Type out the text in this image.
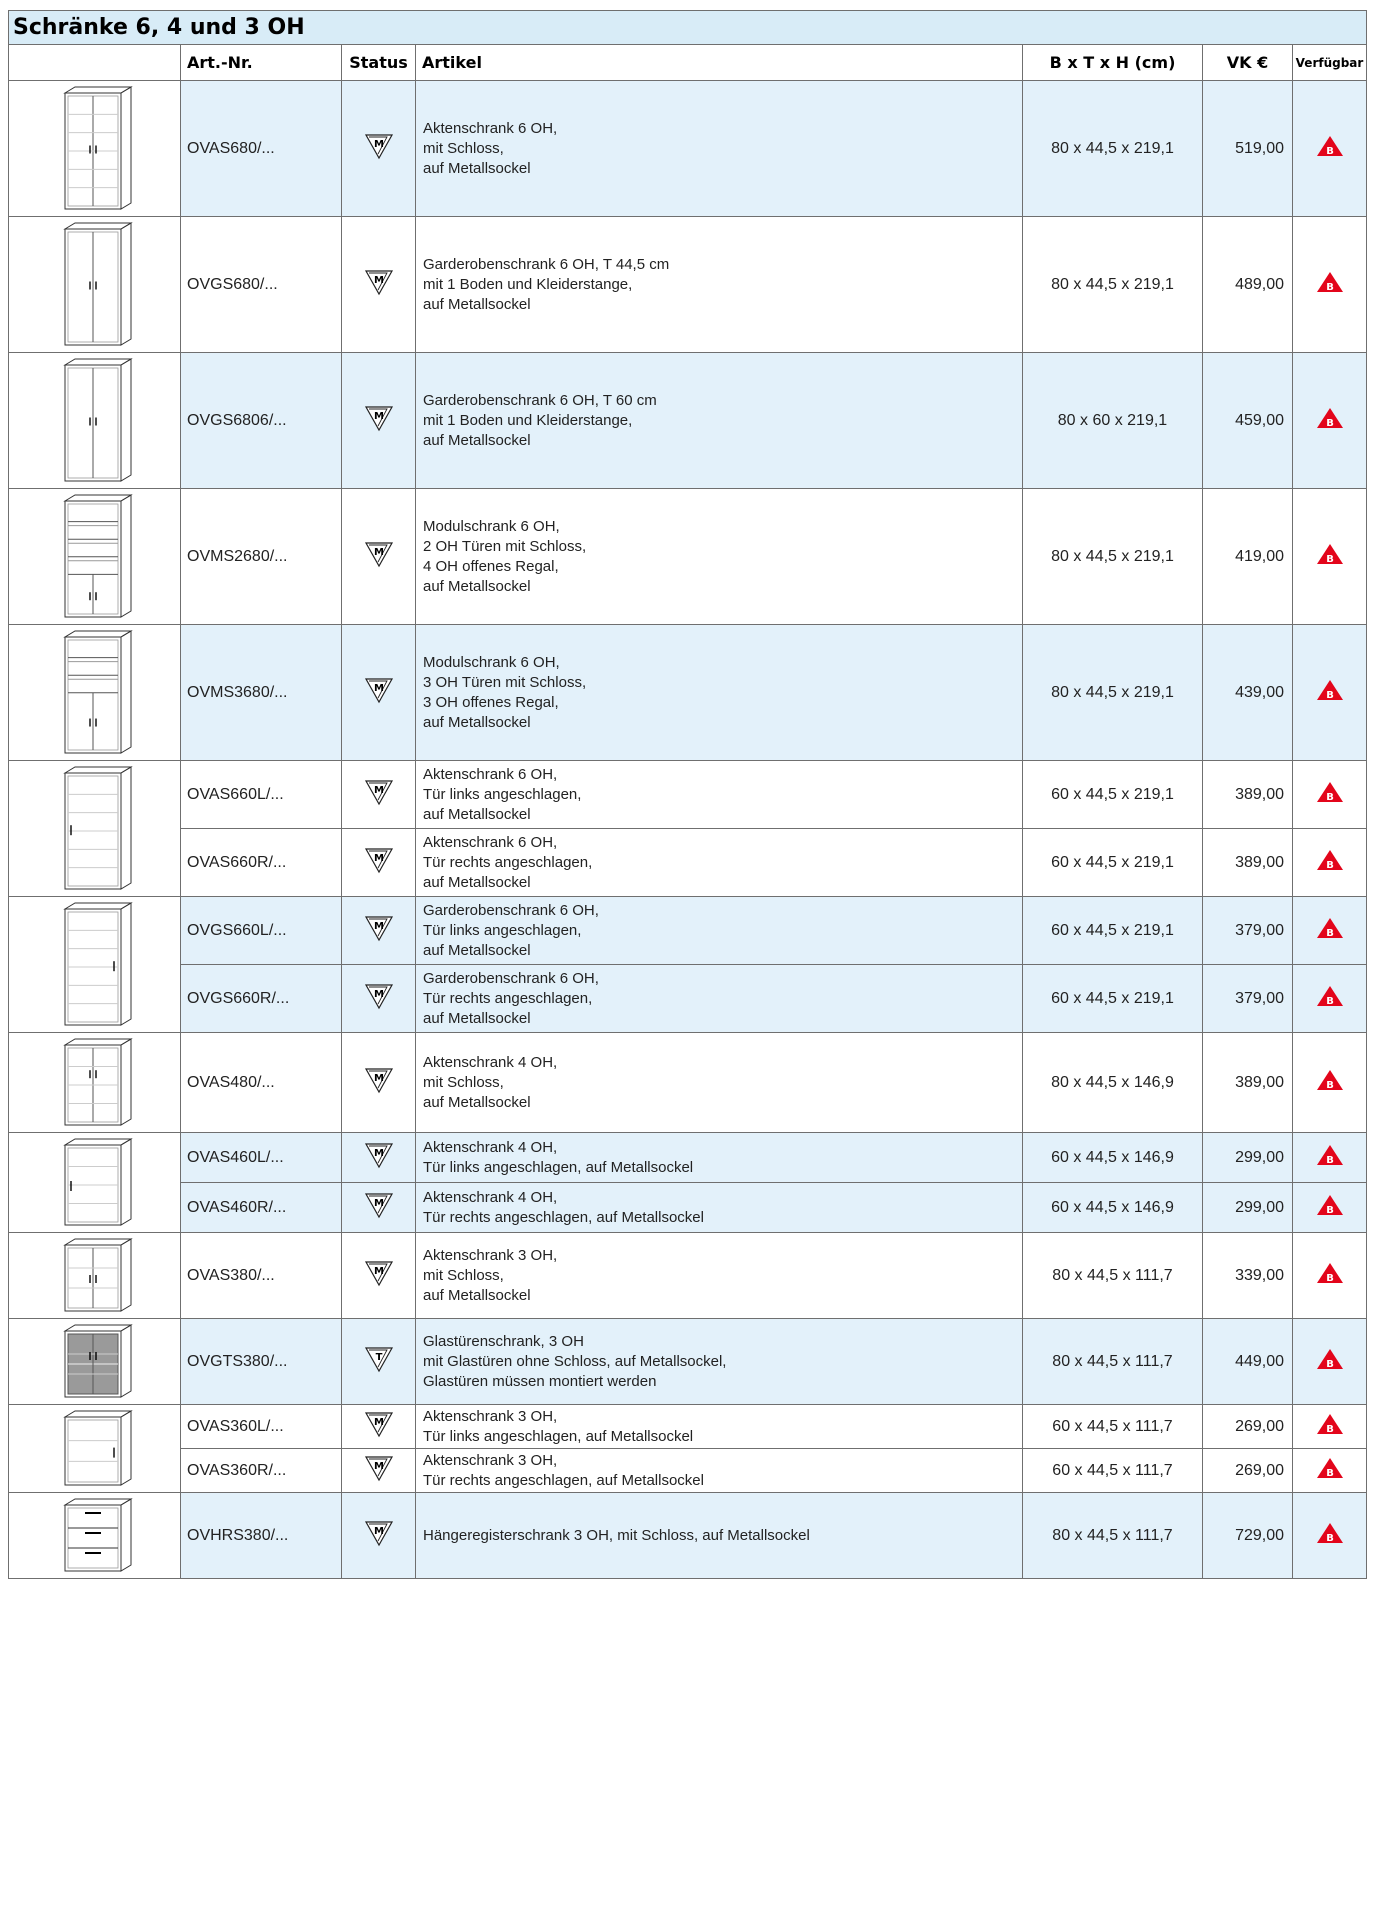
Schränke 6, 4 und 3 OH						
	Art.-Nr.	Status	Artikel	B x T x H (cm)	VK €	Verfügbar

	OVAS680/...	M	Aktenschrank 6 OH,
mit Schloss,
auf Metallsockel	80 x 44,5 x 219,1	519,00	B

	OVGS680/...	M	Garderobenschrank 6 OH, T 44,5 cm
mit 1 Boden und Kleiderstange,
auf Metallsockel	80 x 44,5 x 219,1	489,00	B

	OVGS6806/...	M	Garderobenschrank 6 OH, T 60 cm
mit 1 Boden und Kleiderstange,
auf Metallsockel	80 x 60 x 219,1	459,00	B

	OVMS2680/...	M	Modulschrank 6 OH,
2 OH Türen mit Schloss,
4 OH offenes Regal,
auf Metallsockel	80 x 44,5 x 219,1	419,00	B

	OVMS3680/...	M	Modulschrank 6 OH,
3 OH Türen mit Schloss,
3 OH offenes Regal,
auf Metallsockel	80 x 44,5 x 219,1	439,00	B

	OVAS660L/...	M	Aktenschrank 6 OH,
Tür links angeschlagen,
auf Metallsockel	60 x 44,5 x 219,1	389,00	B

	OVAS660R/...	M	Aktenschrank 6 OH,
Tür rechts angeschlagen,
auf Metallsockel	60 x 44,5 x 219,1	389,00	B

	OVGS660L/...	M	Garderobenschrank 6 OH,
Tür links angeschlagen,
auf Metallsockel	60 x 44,5 x 219,1	379,00	B

	OVGS660R/...	M	Garderobenschrank 6 OH,
Tür rechts angeschlagen,
auf Metallsockel	60 x 44,5 x 219,1	379,00	B

	OVAS480/...	M	Aktenschrank 4 OH,
mit Schloss,
auf Metallsockel	80 x 44,5 x 146,9	389,00	B

	OVAS460L/...	M	Aktenschrank 4 OH,
Tür links angeschlagen, auf Metallsockel	60 x 44,5 x 146,9	299,00	B

	OVAS460R/...	M	Aktenschrank 4 OH,
Tür rechts angeschlagen, auf Metallsockel	60 x 44,5 x 146,9	299,00	B

	OVAS380/...	M	Aktenschrank 3 OH,
mit Schloss,
auf Metallsockel	80 x 44,5 x 111,7	339,00	B

	OVGTS380/...	T	Glastürenschrank, 3 OH
mit Glastüren ohne Schloss, auf Metallsockel,
Glastüren müssen montiert werden	80 x 44,5 x 111,7	449,00	B

	OVAS360L/...	M	Aktenschrank 3 OH,
Tür links angeschlagen, auf Metallsockel	60 x 44,5 x 111,7	269,00	B

	OVAS360R/...	M	Aktenschrank 3 OH,
Tür rechts angeschlagen, auf Metallsockel	60 x 44,5 x 111,7	269,00	B

	OVHRS380/...	M	Hängeregisterschrank 3 OH, mit Schloss, auf Metallsockel	80 x 44,5 x 111,7	729,00	B
